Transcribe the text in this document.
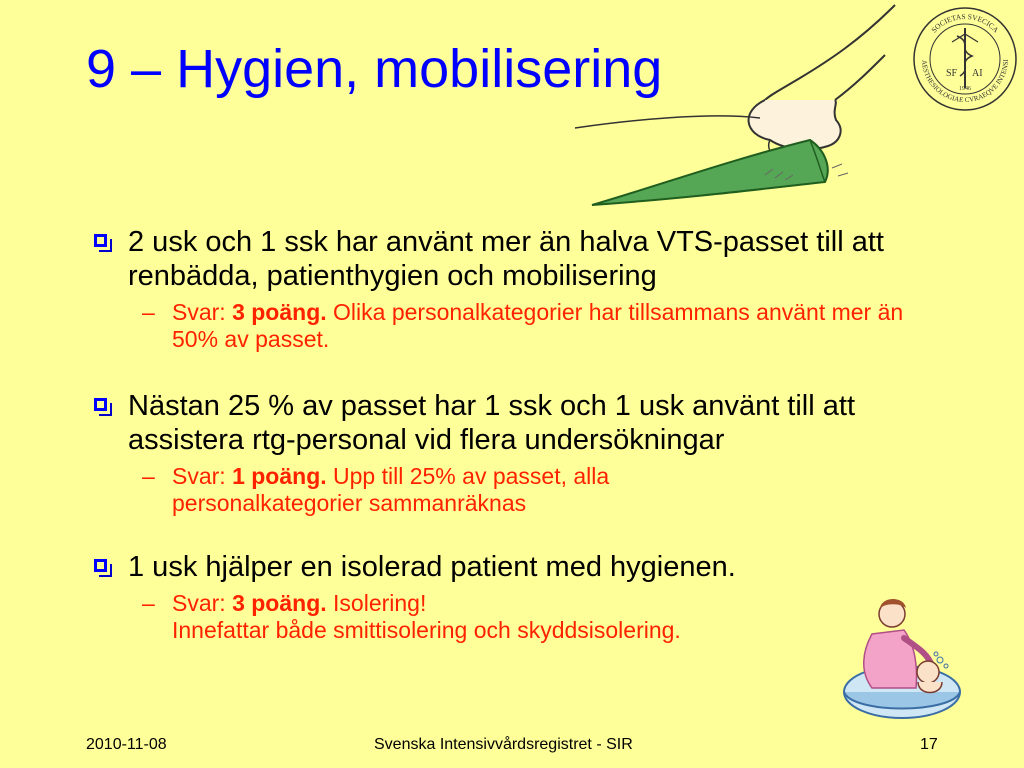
9 – Hygien, mobilisering
SOCIETAS SVECICA
AESTHESIOLOGIAE CVRAEQVE INTENSI
SF AI
1946
2 usk och 1 ssk har använt mer än halva VTS-passet till att renbädda, patienthygien och mobilisering
– Svar: 3 poäng. Olika personalkategorier har tillsammans använt mer än 50% av passet.
Nästan 25 % av passet har 1 ssk och 1 usk använt till att assistera rtg-personal vid flera undersökningar
– Svar: 1 poäng. Upp till 25% av passet, alla personalkategorier sammanräknas
1 usk hjälper en isolerad patient med hygienen.
– Svar: 3 poäng. Isolering!
Innefattar både smittisolering och skyddsisolering.
2010-11-08	Svenska Intensivvårdsregistret - SIR	17
